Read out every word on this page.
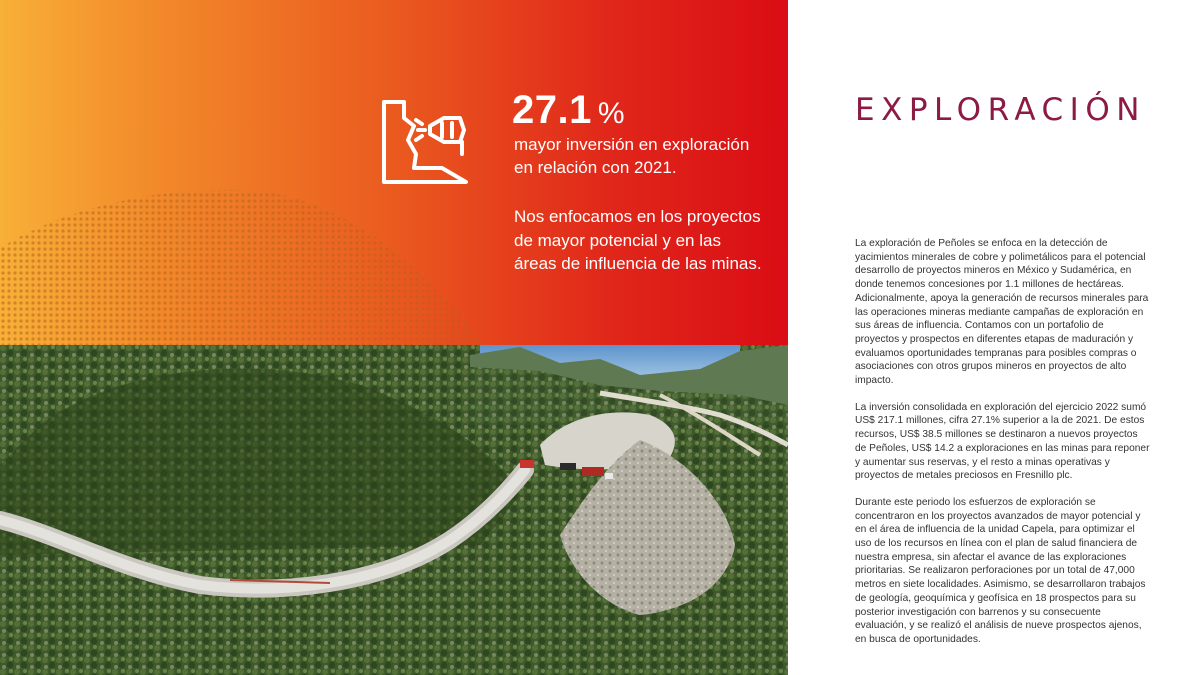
27.1 %
mayor inversión en exploración en relación con 2021.
Nos enfocamos en los proyectos de mayor potencial y en las áreas de influencia de las minas.
EXPLORACIÓN

La exploración de Peñoles se enfoca en la detección de yacimientos minerales de cobre y polimetálicos para el potencial desarrollo de proyectos mineros en México y Sudamérica, en donde tenemos concesiones por 1.1 millones de hectáreas. Adicionalmente, apoya la generación de recursos minerales para las operaciones mineras mediante campañas de exploración en sus áreas de influencia. Contamos con un portafolio de proyectos y prospectos en diferentes etapas de maduración y evaluamos oportunidades tempranas para posibles compras o asociaciones con otros grupos mineros en proyectos de alto impacto.

La inversión consolidada en exploración del ejercicio 2022 sumó US$ 217.1 millones, cifra 27.1% superior a la de 2021. De estos recursos, US$ 38.5 millones se destinaron a nuevos proyectos de Peñoles, US$ 14.2 a exploraciones en las minas para reponer y aumentar sus reservas, y el resto a minas operativas y proyectos de metales preciosos en Fresnillo plc.

Durante este periodo los esfuerzos de exploración se concentraron en los proyectos avanzados de mayor potencial y en el área de influencia de la unidad Capela, para optimizar el uso de los recursos en línea con el plan de salud financiera de nuestra empresa, sin afectar el avance de las exploraciones prioritarias. Se realizaron perforaciones por un total de 47,000 metros en siete localidades. Asimismo, se desarrollaron trabajos de geología, geoquímica y geofísica en 18 prospectos para su posterior investigación con barrenos y su consecuente evaluación, y se realizó el análisis de nueve prospectos ajenos, en busca de oportunidades.
